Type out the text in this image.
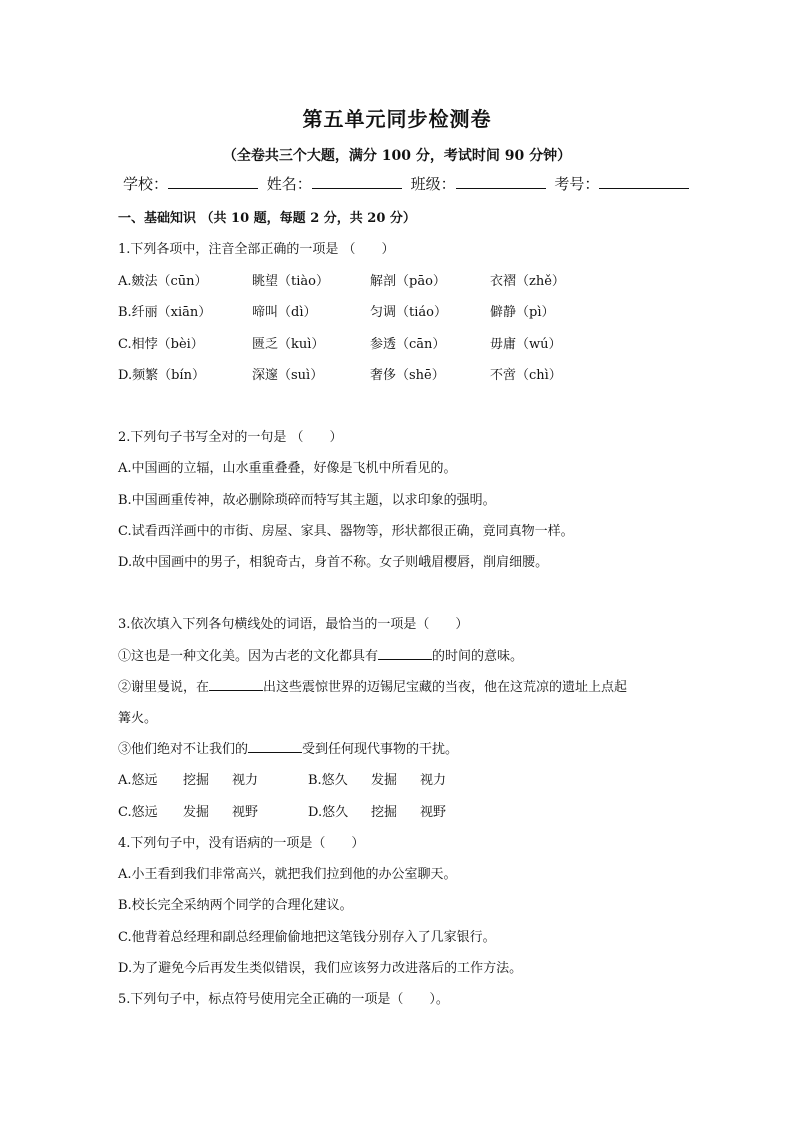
第五单元同步检测卷
（全卷共三个大题，满分 100 分，考试时间 90 分钟）
学校：	姓名：	班级：	考号：
一、基础知识 （共 10 题，每题 2 分，共 20 分）
1.下列各项中，注音全部正确的一项是 （　　）
A.皴法（cūn）	眺望（tiào）	解剖（pāo）	衣褶（zhě）
B.纤丽（xiān）	啼叫（dì）	匀调（tiáo）	僻静（pì）
C.相悖（bèi）	匮乏（kuì）	参透（cān）	毋庸（wú）
D.频繁（bín）	深邃（suì）	奢侈（shē）	不啻（chì）
2.下列句子书写全对的一句是 （　　）
A.中国画的立辐，山水重重叠叠，好像是飞机中所看见的。
B.中国画重传神，故必删除琐碎而特写其主题，以求印象的强明。
C.试看西洋画中的市街、房屋、家具、器物等，形状都很正确，竟同真物一样。
D.故中国画中的男子，相貌奇古，身首不称。女子则峨眉樱唇，削肩细腰。
3.依次填入下列各句横线处的词语，最恰当的一项是（　　）
①这也是一种文化美。因为古老的文化都具有	的时间的意味。
②谢里曼说，在	出这些震惊世界的迈锡尼宝藏的当夜，他在这荒凉的遗址上点起
篝火。
③他们绝对不让我们的	受到任何现代事物的干扰。
A.悠远 挖掘 视力	B.悠久 发掘 视力
C.悠远 发掘 视野	D.悠久 挖掘 视野
4.下列句子中，没有语病的一项是（　　）
A.小王看到我们非常高兴，就把我们拉到他的办公室聊天。
B.校长完全采纳两个同学的合理化建议。
C.他背着总经理和副总经理偷偷地把这笔钱分别存入了几家银行。
D.为了避免今后再发生类似错误，我们应该努力改进落后的工作方法。
5.下列句子中，标点符号使用完全正确的一项是（　　）。
